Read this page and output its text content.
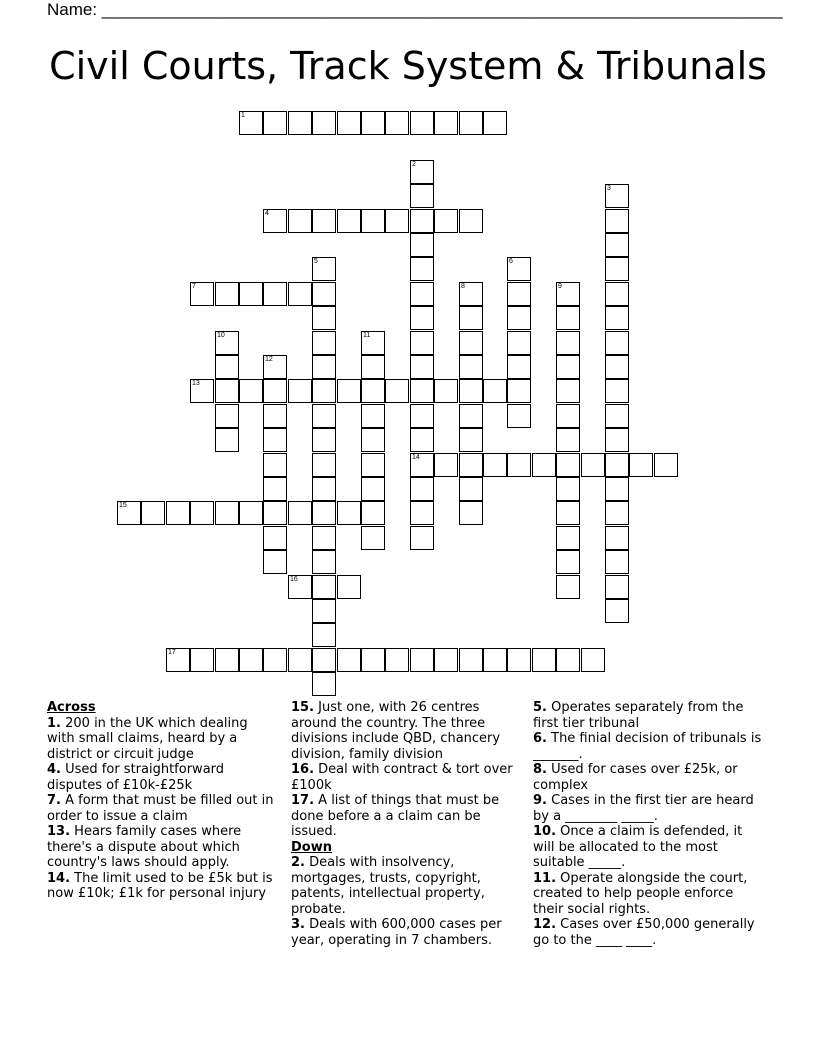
Name: ________________________________________________________________________
Civil Courts, Track System & Tribunals
1
2
14
3
4
5	6
7	8	9
10	11
12
13
15
16
17
Across
1. 200 in the UK which dealing with small claims, heard by a district or circuit judge
4. Used for straightforward disputes of £10k-£25k
7. A form that must be filled out in order to issue a claim
13. Hears family cases where there's a dispute about which country's laws should apply.
14. The limit used to be £5k but is now £10k; £1k for personal injury
15. Just one, with 26 centres around the country. The three divisions include QBD, chancery division, family division
16. Deal with contract & tort over £100k
17. A list of things that must be done before a a claim can be issued.
Down
2. Deals with insolvency, mortgages, trusts, copyright, patents, intellectual property, probate.
3. Deals with 600,000 cases per year, operating in 7 chambers.
5. Operates separately from the first tier tribunal
6. The finial decision of tribunals is _______.
8. Used for cases over £25k, or complex
9. Cases in the first tier are heard by a ________ _____.
10. Once a claim is defended, it will be allocated to the most suitable _____.
11. Operate alongside the court, created to help people enforce their social rights.
12. Cases over £50,000 generally go to the ____ ____.
